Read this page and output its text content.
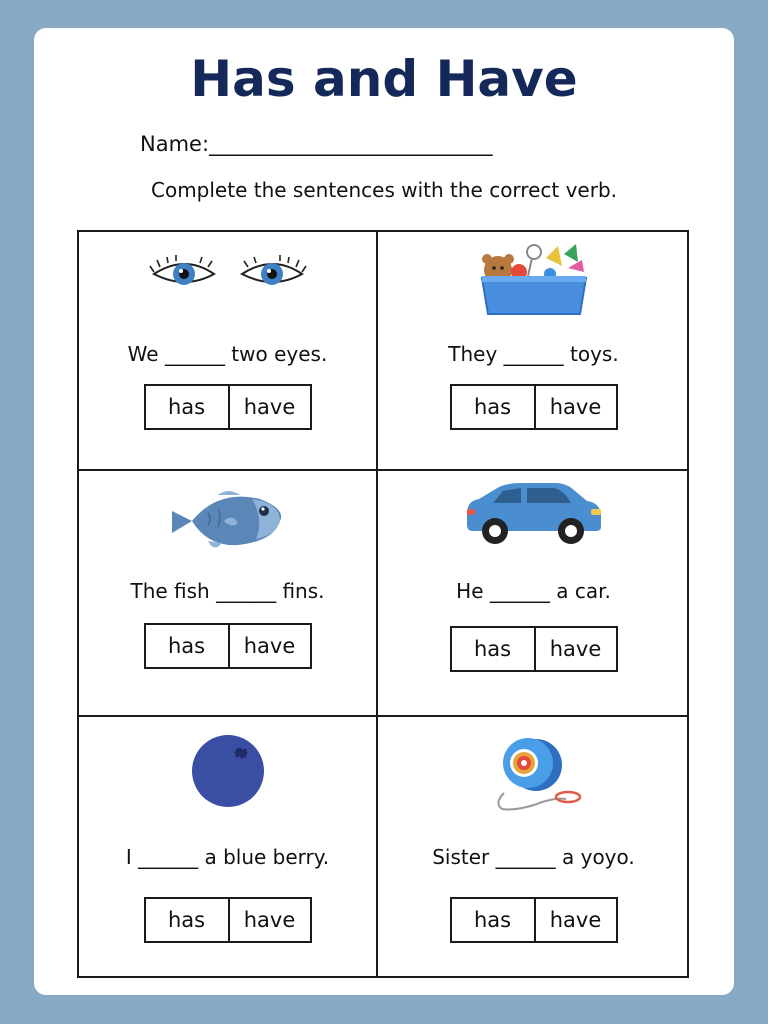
Has and Have
Name:___________________________
Complete the sentences with the correct verb.
We ______ two eyes.
has	have
They ______ toys.
has	have
The fish ______ fins.
has	have
He ______ a car.
has	have
I ______ a blue berry.
has	have
Sister ______ a yoyo.
has	have
